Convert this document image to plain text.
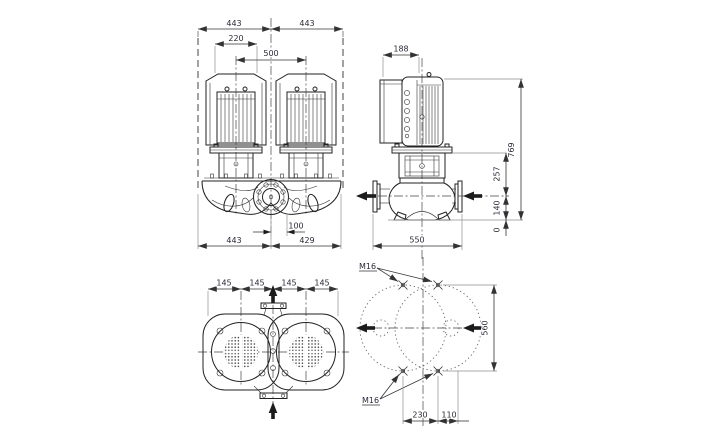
443	443
220
500
100
443	429
188
769
257
140
0
550
145 145 145 145
M16
M16
560
230 110
